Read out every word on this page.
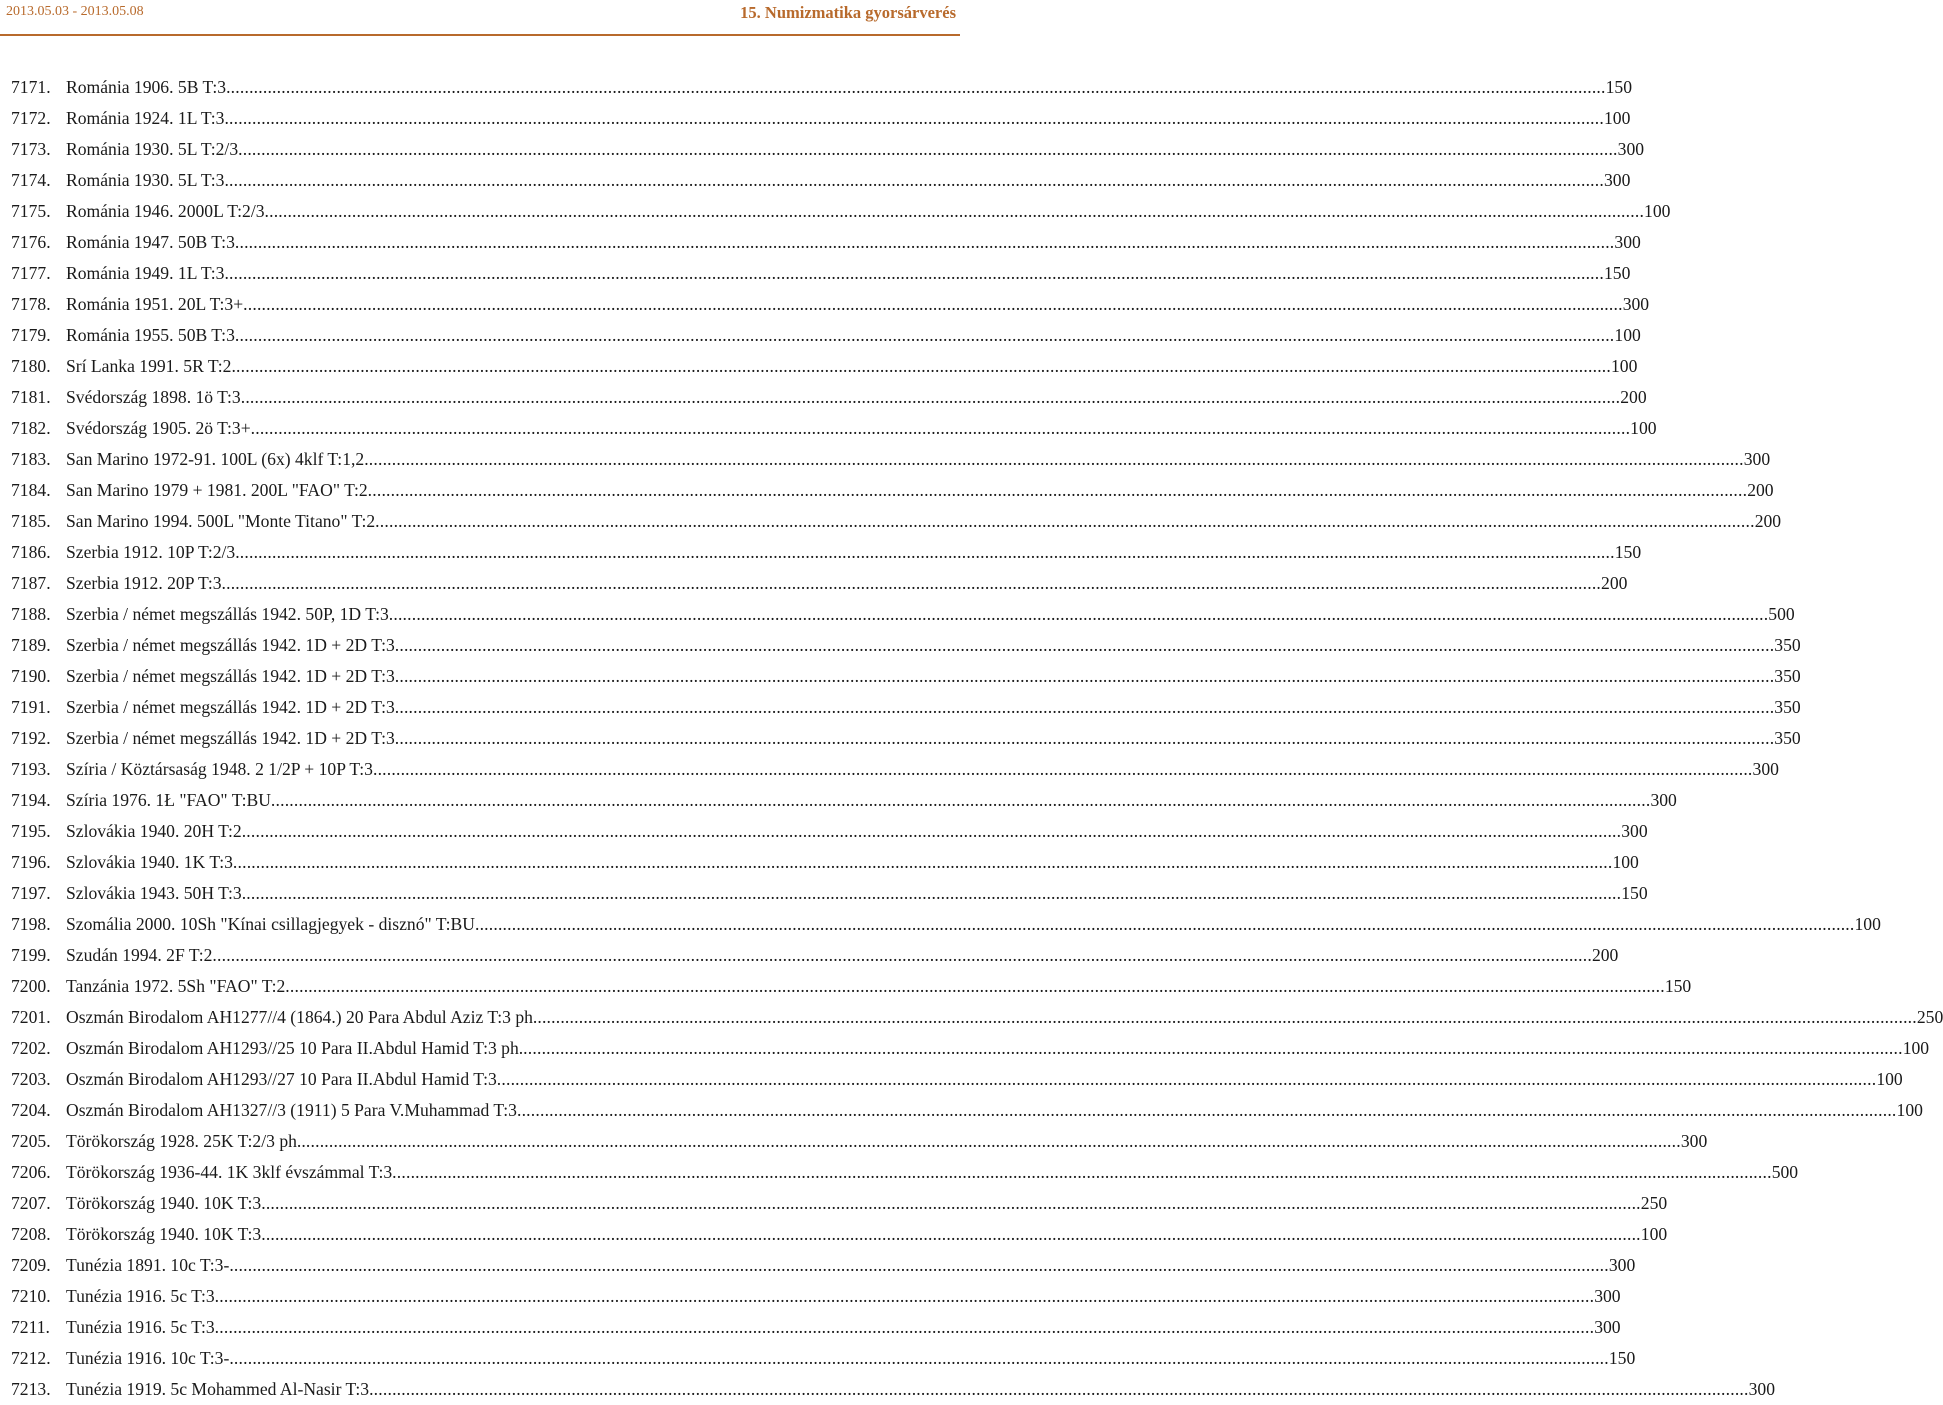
2013.05.03 - 2013.05.08	15. Numizmatika gyorsárverés
7171. Románia 1906. 5B T:3 ............................................................................................................................................................................................................................................................................................................ 150
7172. Románia 1924. 1L T:3 ............................................................................................................................................................................................................................................................................................................ 100
7173. Románia 1930. 5L T:2/3 ............................................................................................................................................................................................................................................................................................................ 300
7174. Románia 1930. 5L T:3 ............................................................................................................................................................................................................................................................................................................ 300
7175. Románia 1946. 2000L T:2/3 ............................................................................................................................................................................................................................................................................................................ 100
7176. Románia 1947. 50B T:3 ............................................................................................................................................................................................................................................................................................................ 300
7177. Románia 1949. 1L T:3 ............................................................................................................................................................................................................................................................................................................ 150
7178. Románia 1951. 20L T:3+ ............................................................................................................................................................................................................................................................................................................ 300
7179. Románia 1955. 50B T:3 ............................................................................................................................................................................................................................................................................................................ 100
7180. Srí Lanka 1991. 5R T:2 ............................................................................................................................................................................................................................................................................................................ 100
7181. Svédország 1898. 1ö T:3 ............................................................................................................................................................................................................................................................................................................ 200
7182. Svédország 1905. 2ö T:3+ ............................................................................................................................................................................................................................................................................................................ 100
7183. San Marino 1972-91. 100L (6x) 4klf T:1,2 ............................................................................................................................................................................................................................................................................................................ 300
7184. San Marino 1979 + 1981. 200L "FAO" T:2 ............................................................................................................................................................................................................................................................................................................ 200
7185. San Marino 1994. 500L "Monte Titano" T:2 ............................................................................................................................................................................................................................................................................................................ 200
7186. Szerbia 1912. 10P T:2/3 ............................................................................................................................................................................................................................................................................................................ 150
7187. Szerbia 1912. 20P T:3 ............................................................................................................................................................................................................................................................................................................ 200
7188. Szerbia / német megszállás 1942. 50P, 1D T:3 ............................................................................................................................................................................................................................................................................................................ 500
7189. Szerbia / német megszállás 1942. 1D + 2D T:3 ............................................................................................................................................................................................................................................................................................................ 350
7190. Szerbia / német megszállás 1942. 1D + 2D T:3 ............................................................................................................................................................................................................................................................................................................ 350
7191. Szerbia / német megszállás 1942. 1D + 2D T:3 ............................................................................................................................................................................................................................................................................................................ 350
7192. Szerbia / német megszállás 1942. 1D + 2D T:3 ............................................................................................................................................................................................................................................................................................................ 350
7193. Szíria / Köztársaság 1948. 2 1/2P + 10P T:3 ............................................................................................................................................................................................................................................................................................................ 300
7194. Szíria 1976. 1Ł "FAO" T:BU ............................................................................................................................................................................................................................................................................................................ 300
7195. Szlovákia 1940. 20H T:2 ............................................................................................................................................................................................................................................................................................................ 300
7196. Szlovákia 1940. 1K T:3 ............................................................................................................................................................................................................................................................................................................ 100
7197. Szlovákia 1943. 50H T:3 ............................................................................................................................................................................................................................................................................................................ 150
7198. Szomália 2000. 10Sh "Kínai csillagjegyek - disznó" T:BU ............................................................................................................................................................................................................................................................................................................ 100
7199. Szudán 1994. 2F T:2 ............................................................................................................................................................................................................................................................................................................ 200
7200. Tanzánia 1972. 5Sh "FAO" T:2 ............................................................................................................................................................................................................................................................................................................ 150
7201. Oszmán Birodalom AH1277//4 (1864.) 20 Para Abdul Aziz T:3 ph. ............................................................................................................................................................................................................................................................................................................ 250
7202. Oszmán Birodalom AH1293//25 10 Para II.Abdul Hamid T:3 ph. ............................................................................................................................................................................................................................................................................................................ 100
7203. Oszmán Birodalom AH1293//27 10 Para II.Abdul Hamid T:3 ............................................................................................................................................................................................................................................................................................................ 100
7204. Oszmán Birodalom AH1327//3 (1911) 5 Para V.Muhammad T:3 ............................................................................................................................................................................................................................................................................................................ 100
7205. Törökország 1928. 25K T:2/3 ph. ............................................................................................................................................................................................................................................................................................................ 300
7206. Törökország 1936-44. 1K 3klf évszámmal T:3 ............................................................................................................................................................................................................................................................................................................ 500
7207. Törökország 1940. 10K T:3 ............................................................................................................................................................................................................................................................................................................ 250
7208. Törökország 1940. 10K T:3 ............................................................................................................................................................................................................................................................................................................ 100
7209. Tunézia 1891. 10c T:3- ............................................................................................................................................................................................................................................................................................................ 300
7210. Tunézia 1916. 5c T:3 ............................................................................................................................................................................................................................................................................................................ 300
7211. Tunézia 1916. 5c T:3 ............................................................................................................................................................................................................................................................................................................ 300
7212. Tunézia 1916. 10c T:3- ............................................................................................................................................................................................................................................................................................................ 150
7213. Tunézia 1919. 5c Mohammed Al-Nasir T:3 ............................................................................................................................................................................................................................................................................................................ 300
